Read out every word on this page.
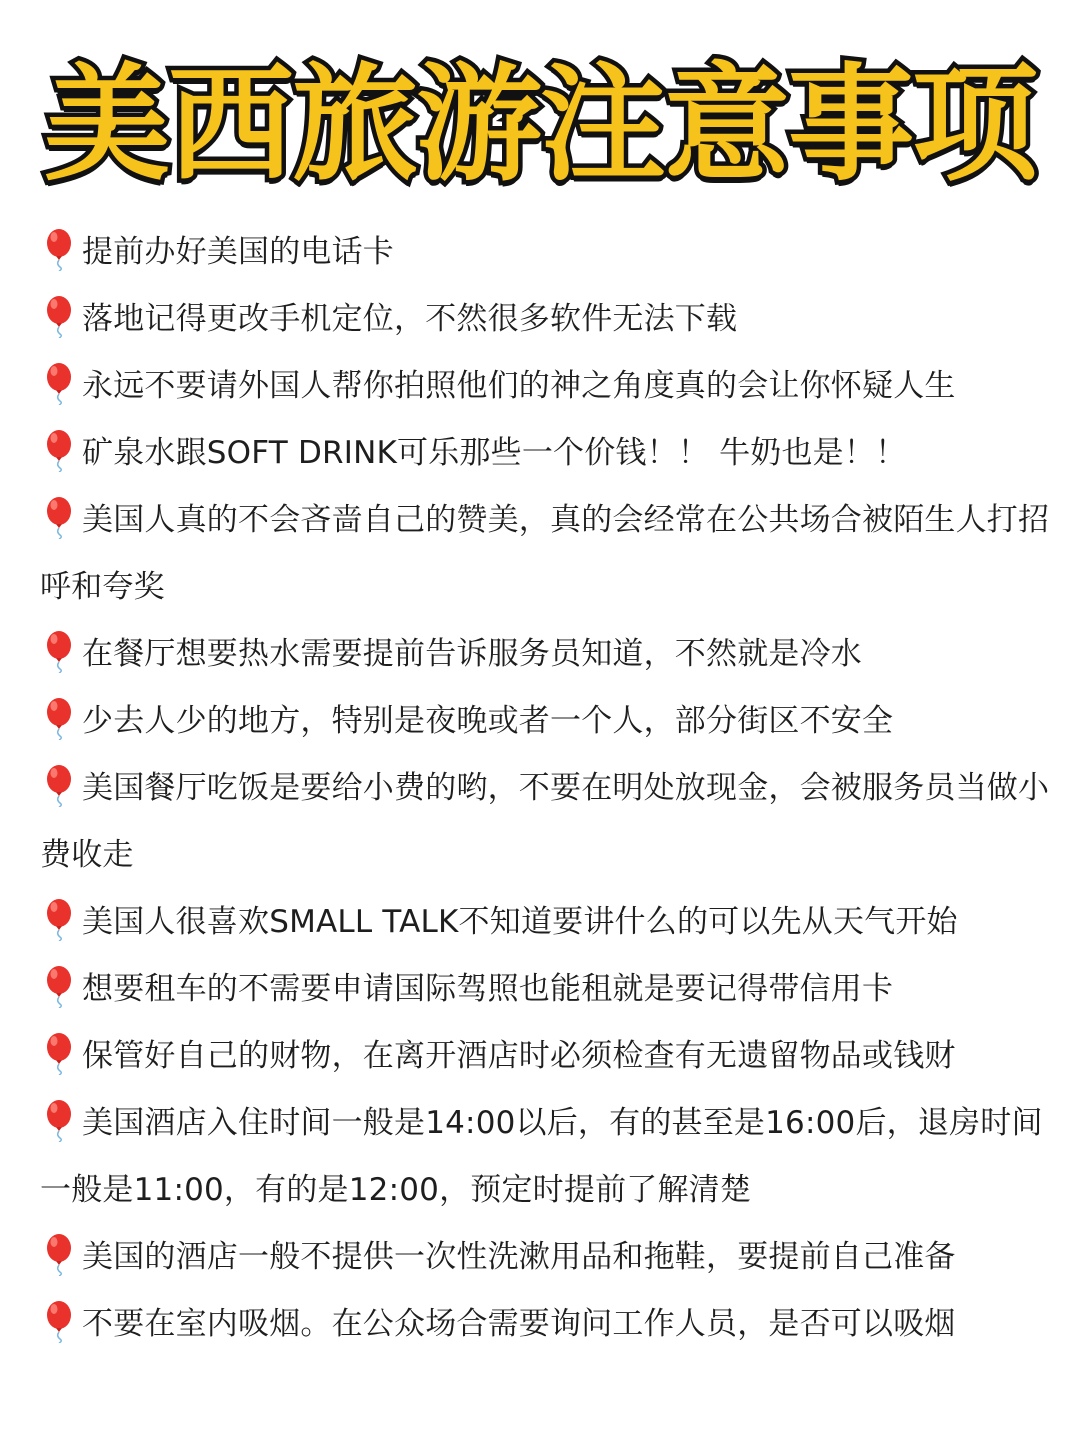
美西旅游注意事项
提前办好美国的电话卡
落地记得更改手机定位，不然很多软件无法下载
永远不要请外国人帮你拍照他们的神之角度真的会让你怀疑人生
矿泉水跟SOFT DRINK可乐那些一个价钱！！ 牛奶也是！！
美国人真的不会吝啬自己的赞美，真的会经常在公共场合被陌生人打招呼和夸奖
在餐厅想要热水需要提前告诉服务员知道，不然就是冷水
少去人少的地方，特别是夜晚或者一个人，部分街区不安全
美国餐厅吃饭是要给小费的哟，不要在明处放现金，会被服务员当做小费收走
美国人很喜欢SMALL TALK不知道要讲什么的可以先从天气开始
想要租车的不需要申请国际驾照也能租就是要记得带信用卡
保管好自己的财物，在离开酒店时必须检查有无遗留物品或钱财
美国酒店入住时间一般是14:00以后，有的甚至是16:00后，退房时间一般是11:00，有的是12:00，预定时提前了解清楚
美国的酒店一般不提供一次性洗漱用品和拖鞋，要提前自己准备
不要在室内吸烟。在公众场合需要询问工作人员，是否可以吸烟
